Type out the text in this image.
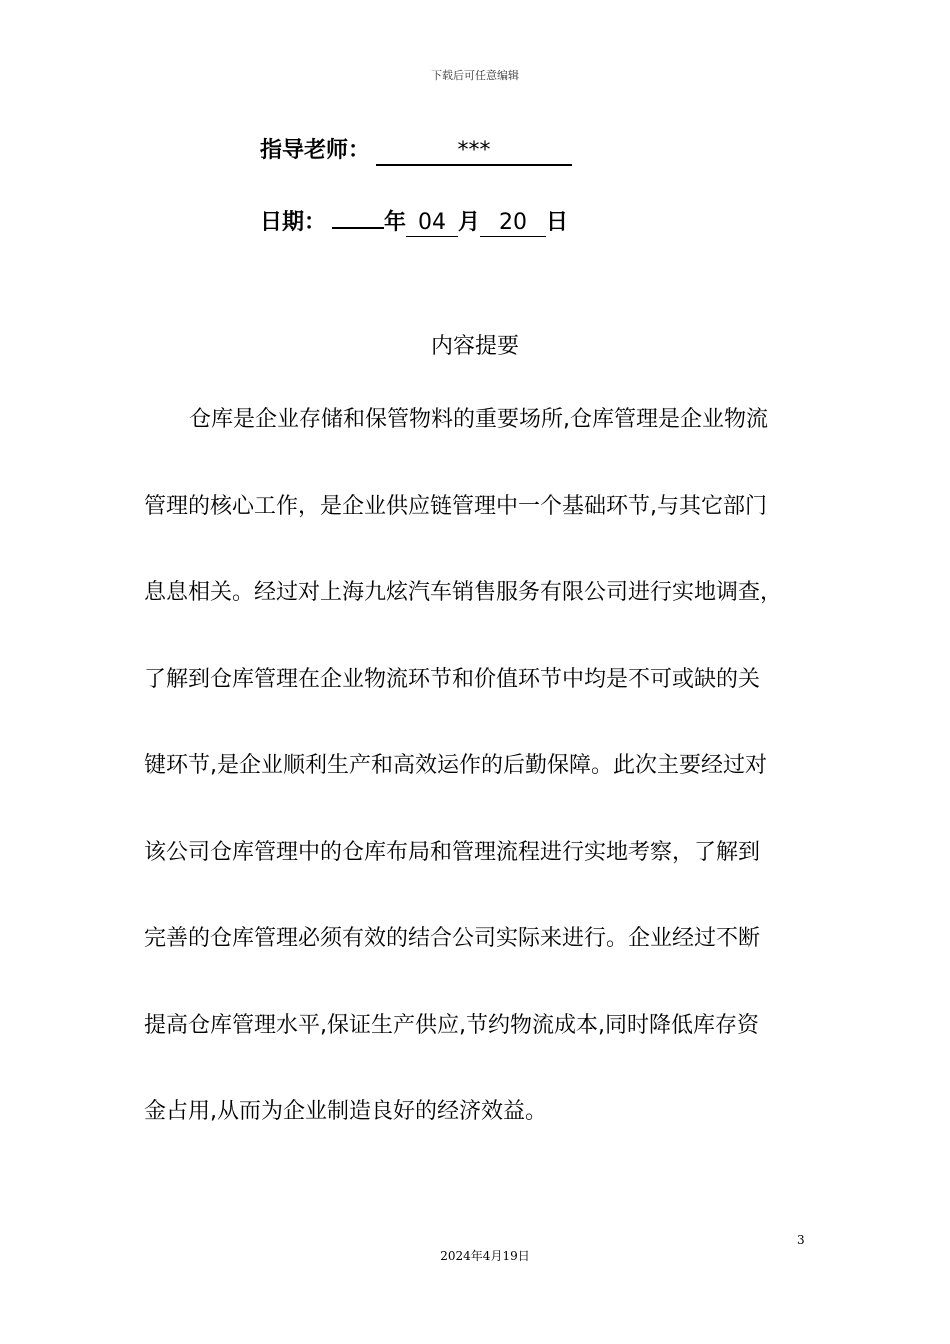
下载后可任意编辑
指导老师：	***
日期：	年 04 月 20 日
内容提要
仓库是企业存储和保管物料的重要场所,仓库管理是企业物流
管理的核心工作，是企业供应链管理中一个基础环节,与其它部门
息息相关。经过对上海九炫汽车销售服务有限公司进行实地调查，
了解到仓库管理在企业物流环节和价值环节中均是不可或缺的关
键环节,是企业顺利生产和高效运作的后勤保障。此次主要经过对
该公司仓库管理中的仓库布局和管理流程进行实地考察，了解到
完善的仓库管理必须有效的结合公司实际来进行。企业经过不断
提高仓库管理水平,保证生产供应,节约物流成本,同时降低库存资
金占用,从而为企业制造良好的经济效益。
3
2024年4月19日
